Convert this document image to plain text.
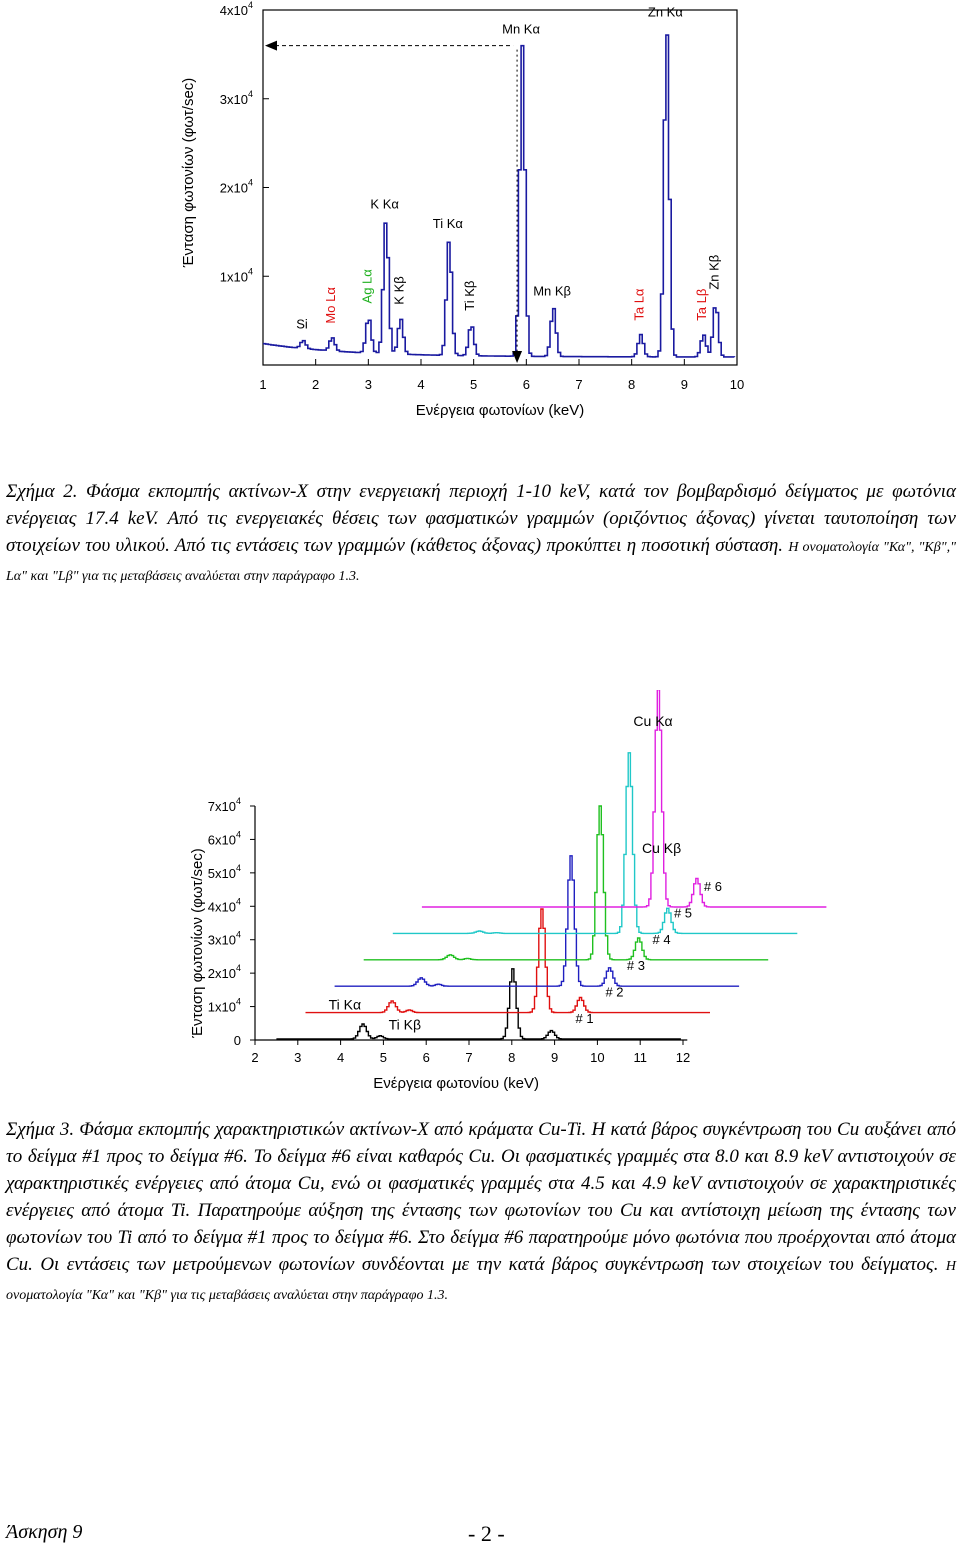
$1x10^4$
$2x10^4$
$3x10^4$
$4x10^4$
1	2	3	4	5	6	7	8	9	10
Ενέργεια φωτονίων (keV)
Ένταση φωτονίων (φωτ/sec)
Si
Mo Lα
Ag Lα
K Kα
K Kβ
Ti Kα
Ti Kβ
Mn Kα
Mn Kβ	Ta Lα
Zn Kα
Ta Lβ
Zn Kβ
Σχήμα 2. Φάσμα εκπομπής ακτίνων-Χ στην ενεργειακή περιοχή 1-10 keV, κατά τον βομβαρδισμό δείγματος με φωτόνια ενέργειας 17.4 keV. Από τις ενεργειακές θέσεις των φασματικών γραμμών (οριζόντιος άξονας) γίνεται ταυτοποίηση των στοιχείων του υλικού. Από τις εντάσεις των γραμμών (κάθετος άξονας) προκύπτει η ποσοτική σύσταση. Η ονοματολογία "Κα", "Κβ"," Lα" και "Lβ" για τις μεταβάσεις αναλύεται στην παράγραφο 1.3.
0
$1x10^4$
$2x10^4$
$3x10^4$
$4x10^4$
$5x10^4$
$6x10^4$
$7x10^4$
2	3	4	5	6	7	8	9 10 11 12
Ενέργεια φωτονίου (keV)
Ένταση φωτονίων (φωτ/sec)	# 1
# 2
# 3
# 4
# 5
# 6
Ti Kα
Ti Kβ
Cu Kα
Cu Kβ
Σχήμα 3. Φάσμα εκπομπής χαρακτηριστικών ακτίνων-Χ από κράματα Cu-Ti. Η κατά βάρος συγκέντρωση του Cu αυξάνει από το δείγμα #1 προς το δείγμα #6. Το δείγμα #6 είναι καθαρός Cu. Οι φασματικές γραμμές στα 8.0 και 8.9 keV αντιστοιχούν σε χαρακτηριστικές ενέργειες από άτομα Cu, ενώ οι φασματικές γραμμές στα 4.5 και 4.9 keV αντιστοιχούν σε χαρακτηριστικές ενέργειες από άτομα Ti. Παρατηρούμε αύξηση της έντασης των φωτονίων του Cu και αντίστοιχη μείωση της έντασης των φωτονίων του Ti από το δείγμα #1 προς το δείγμα #6. Στο δείγμα #6 παρατηρούμε μόνο φωτόνια που προέρχονται από άτομα Cu. Οι εντάσεις των μετρούμενων φωτονίων συνδέονται με την κατά βάρος συγκέντρωση των στοιχείων του δείγματος. Η ονοματολογία "Κα" και "Κβ" για τις μεταβάσεις αναλύεται στην παράγραφο 1.3.
Άσκηση 9	- 2 -
